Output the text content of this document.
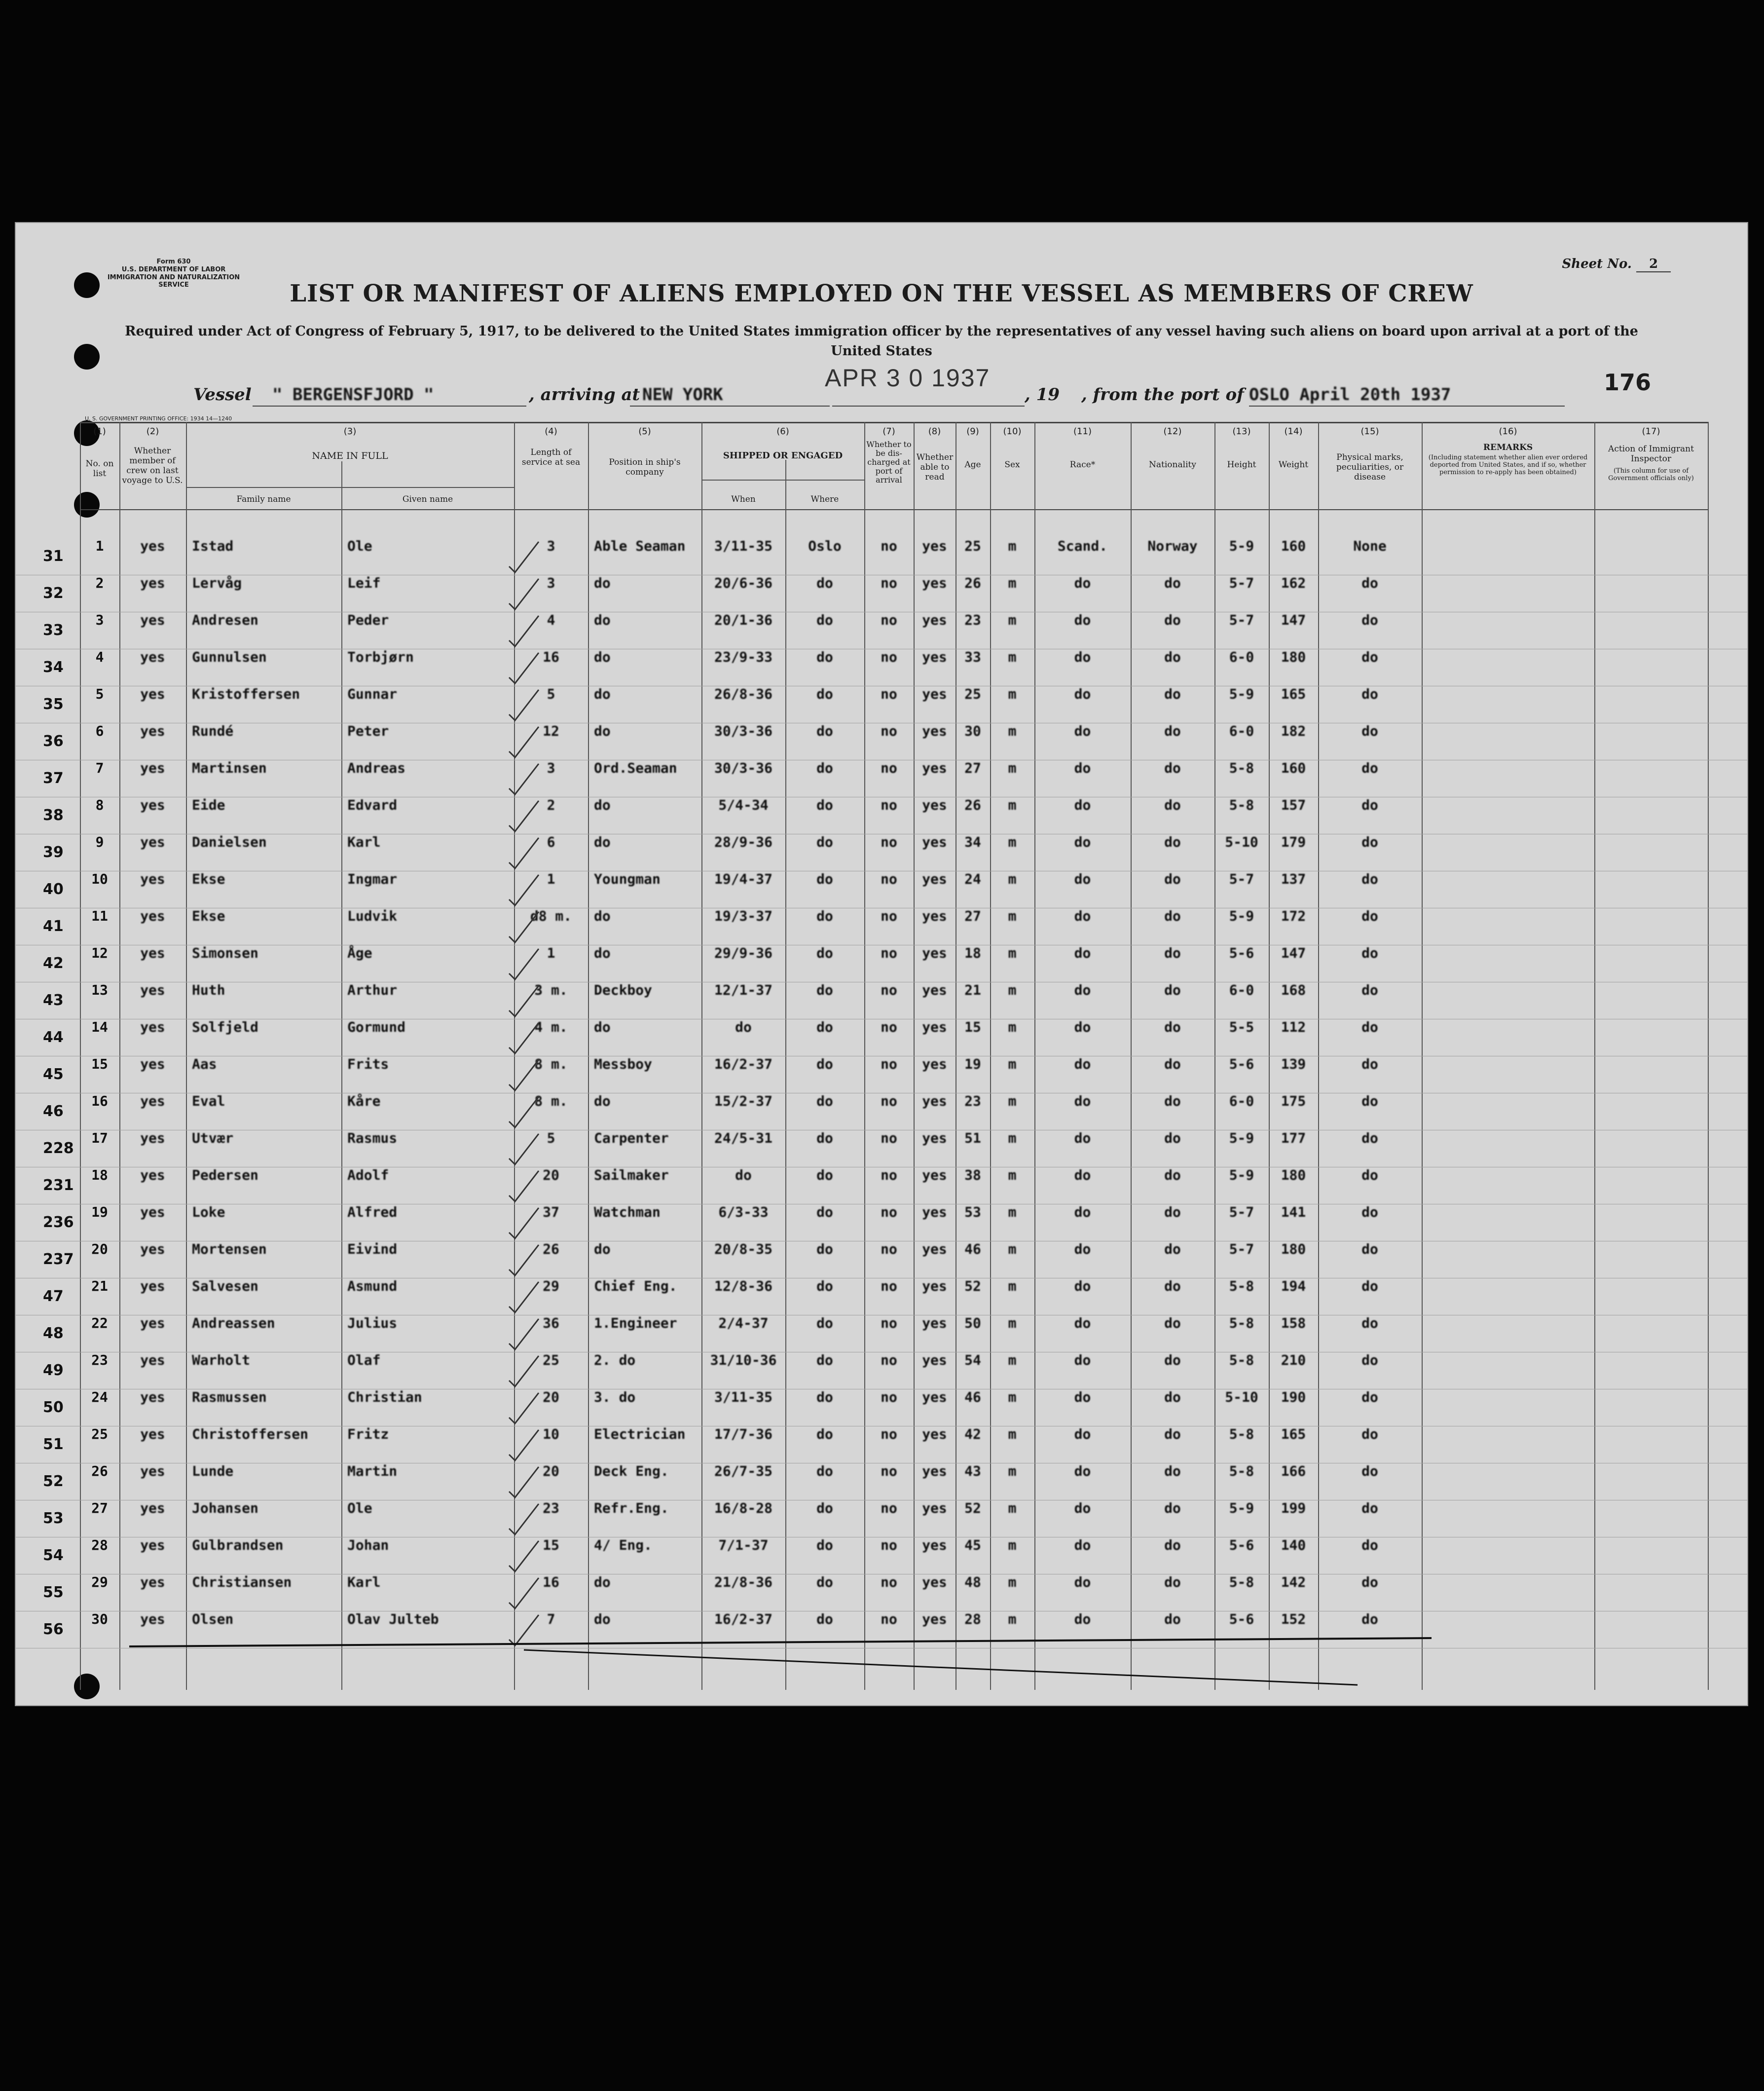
Form 630
U.S. DEPARTMENT OF LABOR
IMMIGRATION AND NATURALIZATION SERVICE
Sheet No. 2
LIST OR MANIFEST OF ALIENS EMPLOYED ON THE VESSEL AS MEMBERS OF CREW
Required under Act of Congress of February 5, 1917, to be delivered to the United States immigration officer by the representatives of any vessel having such aliens on board upon arrival at a port of the United States
APR 3 0 1937	176
Vessel " BERGENSFJORD "	, arriving at NEW YORK	, 19 , from the port of OSLO April 20th 1937
U. S. GOVERNMENT PRINTING OFFICE: 1934 14—1240
(1)	(2)	(3)	(4)	(5)	(6)	(7)	(8)	(9)	(10)	(11)	(12)	(13)	(14)	(15)	(16)	(17)
No. on list
Whether member of crew on last voyage to U.S.
NAME IN FULL
Family name	Given name
Length of service at sea	Position in ship's company
SHIPPED OR ENGAGED
When	Where
Whether to be dis-charged at port of arrival
Whether able to read
Age	Sex	Race*	Nationality	Height	Weight
Physical marks, peculiarities, or disease
REMARKS
(Including statement whether alien ever ordered deported from United States, and if so, whether permission to re-apply has been obtained)
Action of Immigrant Inspector
(This column for use of Government officials only)
31
1	yes	Istad	Ole	3	Able Seaman	3/11-35	Oslo	no	yes	25	m	Scand.	Norway	5-9	160	None
32
2	yes	Lervåg	Leif	3	do	20/6-36	do	no	yes	26	m	do	do	5-7	162	do
33
3	yes	Andresen	Peder	4	do	20/1-36	do	no	yes	23	m	do	do	5-7	147	do
34
4	yes	Gunnulsen	Torbjørn	16	do	23/9-33	do	no	yes	33	m	do	do	6-0	180	do
35
5	yes	Kristoffersen	Gunnar	5	do	26/8-36	do	no	yes	25	m	do	do	5-9	165	do
36
6	yes	Rundé	Peter	12	do	30/3-36	do	no	yes	30	m	do	do	6-0	182	do
37
7	yes	Martinsen	Andreas	3	Ord.Seaman	30/3-36	do	no	yes	27	m	do	do	5-8	160	do
38
8	yes	Eide	Edvard	2	do	5/4-34	do	no	yes	26	m	do	do	5-8	157	do
39
9	yes	Danielsen	Karl	6	do	28/9-36	do	no	yes	34	m	do	do	5-10	179	do
40
10	yes	Ekse	Ingmar	1	Youngman	19/4-37	do	no	yes	24	m	do	do	5-7	137	do
41
11	yes	Ekse	Ludvik	d8 m.	do	19/3-37	do	no	yes	27	m	do	do	5-9	172	do
42
12	yes	Simonsen	Åge	1	do	29/9-36	do	no	yes	18	m	do	do	5-6	147	do
43
13	yes	Huth	Arthur	3 m.	Deckboy	12/1-37	do	no	yes	21	m	do	do	6-0	168	do
44
14	yes	Solfjeld	Gormund	4 m.	do	do	do	no	yes	15	m	do	do	5-5	112	do
45
15	yes	Aas	Frits	8 m.	Messboy	16/2-37	do	no	yes	19	m	do	do	5-6	139	do
46
16	yes	Eval	Kåre	8 m.	do	15/2-37	do	no	yes	23	m	do	do	6-0	175	do
228
17	yes	Utvær	Rasmus	5	Carpenter	24/5-31	do	no	yes	51	m	do	do	5-9	177	do
231
18	yes	Pedersen	Adolf	20	Sailmaker	do	do	no	yes	38	m	do	do	5-9	180	do
236
19	yes	Loke	Alfred	37	Watchman	6/3-33	do	no	yes	53	m	do	do	5-7	141	do
237
20	yes	Mortensen	Eivind	26	do	20/8-35	do	no	yes	46	m	do	do	5-7	180	do
47
21	yes	Salvesen	Asmund	29	Chief Eng.	12/8-36	do	no	yes	52	m	do	do	5-8	194	do
48
22	yes	Andreassen	Julius	36	1.Engineer	2/4-37	do	no	yes	50	m	do	do	5-8	158	do
49
23	yes	Warholt	Olaf	25	2. do	31/10-36	do	no	yes	54	m	do	do	5-8	210	do
50
24	yes	Rasmussen	Christian	20	3. do	3/11-35	do	no	yes	46	m	do	do	5-10	190	do
51
25	yes	Christoffersen	Fritz	10	Electrician	17/7-36	do	no	yes	42	m	do	do	5-8	165	do
52
26	yes	Lunde	Martin	20	Deck Eng.	26/7-35	do	no	yes	43	m	do	do	5-8	166	do
53
27	yes	Johansen	Ole	23	Refr.Eng.	16/8-28	do	no	yes	52	m	do	do	5-9	199	do
54
28	yes	Gulbrandsen	Johan	15	4/ Eng.	7/1-37	do	no	yes	45	m	do	do	5-6	140	do
55
29	yes	Christiansen	Karl	16	do	21/8-36	do	no	yes	48	m	do	do	5-8	142	do
56
30	yes	Olsen	Olav Julteb	7	do	16/2-37	do	no	yes	28	m	do	do	5-6	152	do
